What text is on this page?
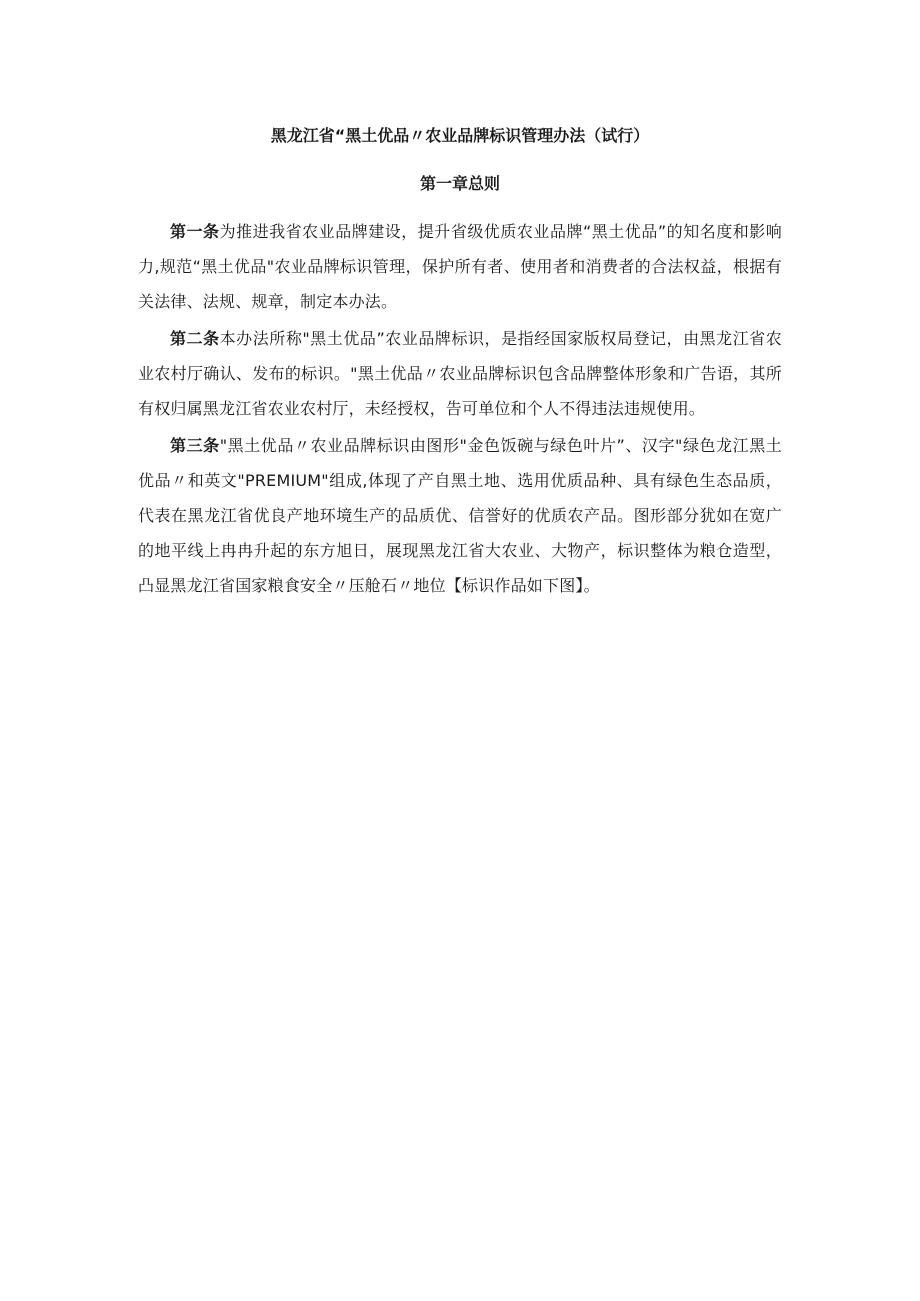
黑龙江省“黑土优品〃农业品牌标识管理办法（试行）
第一章总则

第一条为推进我省农业品牌建设，提升省级优质农业品牌“黑土优品”的知名度和影响力,规范“黑土优品"农业品牌标识管理，保护所有者、使用者和消费者的合法权益，根据有关法律、法规、规章，制定本办法。

第二条本办法所称"黑土优品”农业品牌标识，是指经国家版权局登记，由黑龙江省农业农村厅确认、发布的标识。"黑土优品〃农业品牌标识包含品牌整体形象和广告语，其所有权归属黑龙江省农业农村厅，未经授权，告可单位和个人不得违法违规使用。

第三条"黑土优品〃农业品牌标识由图形"金色饭碗与绿色叶片”、汉字"绿色龙江黑土优品〃和英文"PREMIUM"组成,体现了产自黑土地、选用优质品种、具有绿色生态品质，代表在黑龙江省优良产地环境生产的品质优、信誉好的优质农产品。图形部分犹如在宽广的地平线上冉冉升起的东方旭日，展现黑龙江省大农业、大物产，标识整体为粮仓造型，凸显黑龙江省国家粮食安全〃压舱石〃地位【标识作品如下图】。
